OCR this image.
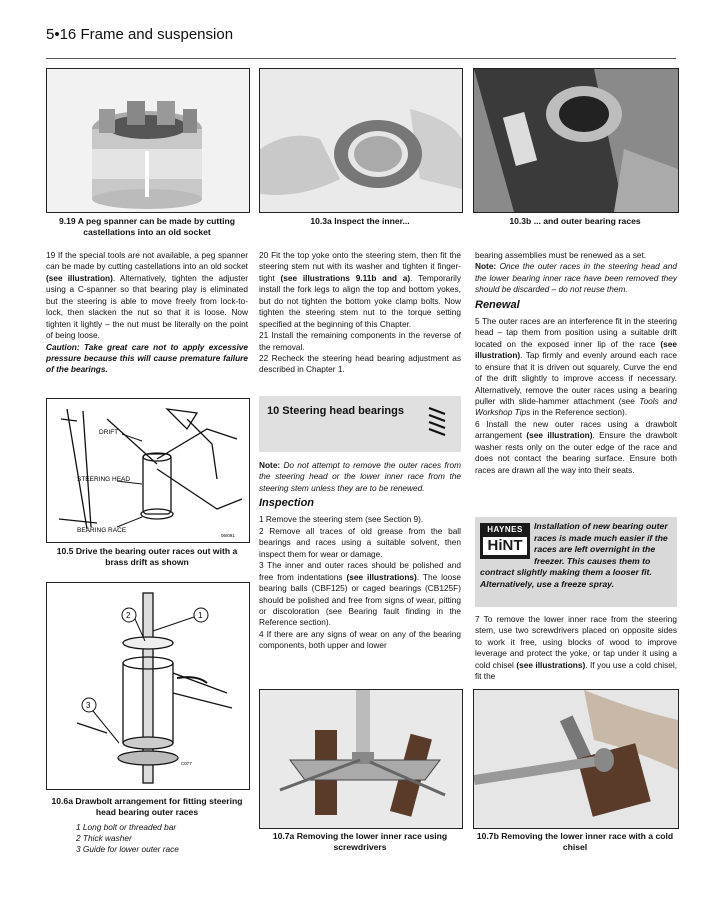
5•16 Frame and suspension
9.19 A peg spanner can be made by cutting castellations into an old socket
10.3a Inspect the inner...	10.3b ... and outer bearing races

19 If the special tools are not available, a peg spanner can be made by cutting castellations into an old socket (see illustration). Alternatively, tighten the adjuster using a C-spanner so that bearing play is eliminated but the steering is able to move freely from lock-to-lock, then slacken the nut so that it is loose. Now tighten it lightly – the nut must be literally on the point of being loose.

Caution: Take great care not to apply excessive pressure because this will cause premature failure of the bearings.

DRIFT
STEERING HEAD
BEARING RACE
06/091
10.5 Drive the bearing outer races out with a brass drift as shown
2	1
3
C077
10.6a Drawbolt arrangement for fitting steering head bearing outer races
1 Long bolt or threaded bar
2 Thick washer
3 Guide for lower outer race

20 Fit the top yoke onto the steering stem, then fit the steering stem nut with its washer and tighten it finger-tight (see illustrations 9.11b and a). Temporarily install the fork legs to align the top and bottom yokes, but do not tighten the bottom yoke clamp bolts. Now tighten the steering stem nut to the torque setting specified at the beginning of this Chapter.

21 Install the remaining components in the reverse of the removal.

22 Recheck the steering head bearing adjustment as described in Chapter 1.

10 Steering head bearings

Note: Do not attempt to remove the outer races from the steering head or the lower inner race from the steering stem unless they are to be renewed.

Inspection

1 Remove the steering stem (see Section 9).

2 Remove all traces of old grease from the ball bearings and races using a suitable solvent, then inspect them for wear or damage.

3 The inner and outer races should be polished and free from indentations (see illustrations). The loose bearing balls (CBF125) or caged bearings (CB125F) should be polished and free from signs of wear, pitting or discoloration (see Bearing fault finding in the Reference section).

4 If there are any signs of wear on any of the bearing components, both upper and lower

bearing assemblies must be renewed as a set.

Note: Once the outer races in the steering head and the lower bearing inner race have been removed they should be discarded – do not reuse them.

Renewal

5 The outer races are an interference fit in the steering head – tap them from position using a suitable drift located on the exposed inner lip of the race (see illustration). Tap firmly and evenly around each race to ensure that it is driven out squarely. Curve the end of the drift slightly to improve access if necessary. Alternatively, remove the outer races using a bearing puller with slide-hammer attachment (see Tools and Workshop Tips in the Reference section).

6 Install the new outer races using a drawbolt arrangement (see illustration). Ensure the drawbolt washer rests only on the outer edge of the race and does not contact the bearing surface. Ensure both races are drawn all the way into their seats.

HAYNES
HiNT
Installation of new bearing outer races is made much easier if the races are left overnight in the freezer. This causes them to contract slightly making them a looser fit. Alternatively, use a freeze spray.

7 To remove the lower inner race from the steering stem, use two screwdrivers placed on opposite sides to work it free, using blocks of wood to improve leverage and protect the yoke, or tap under it using a cold chisel (see illustrations). If you use a cold chisel, fit the

10.7a Removing the lower inner race using screwdrivers
10.7b Removing the lower inner race with a cold chisel
